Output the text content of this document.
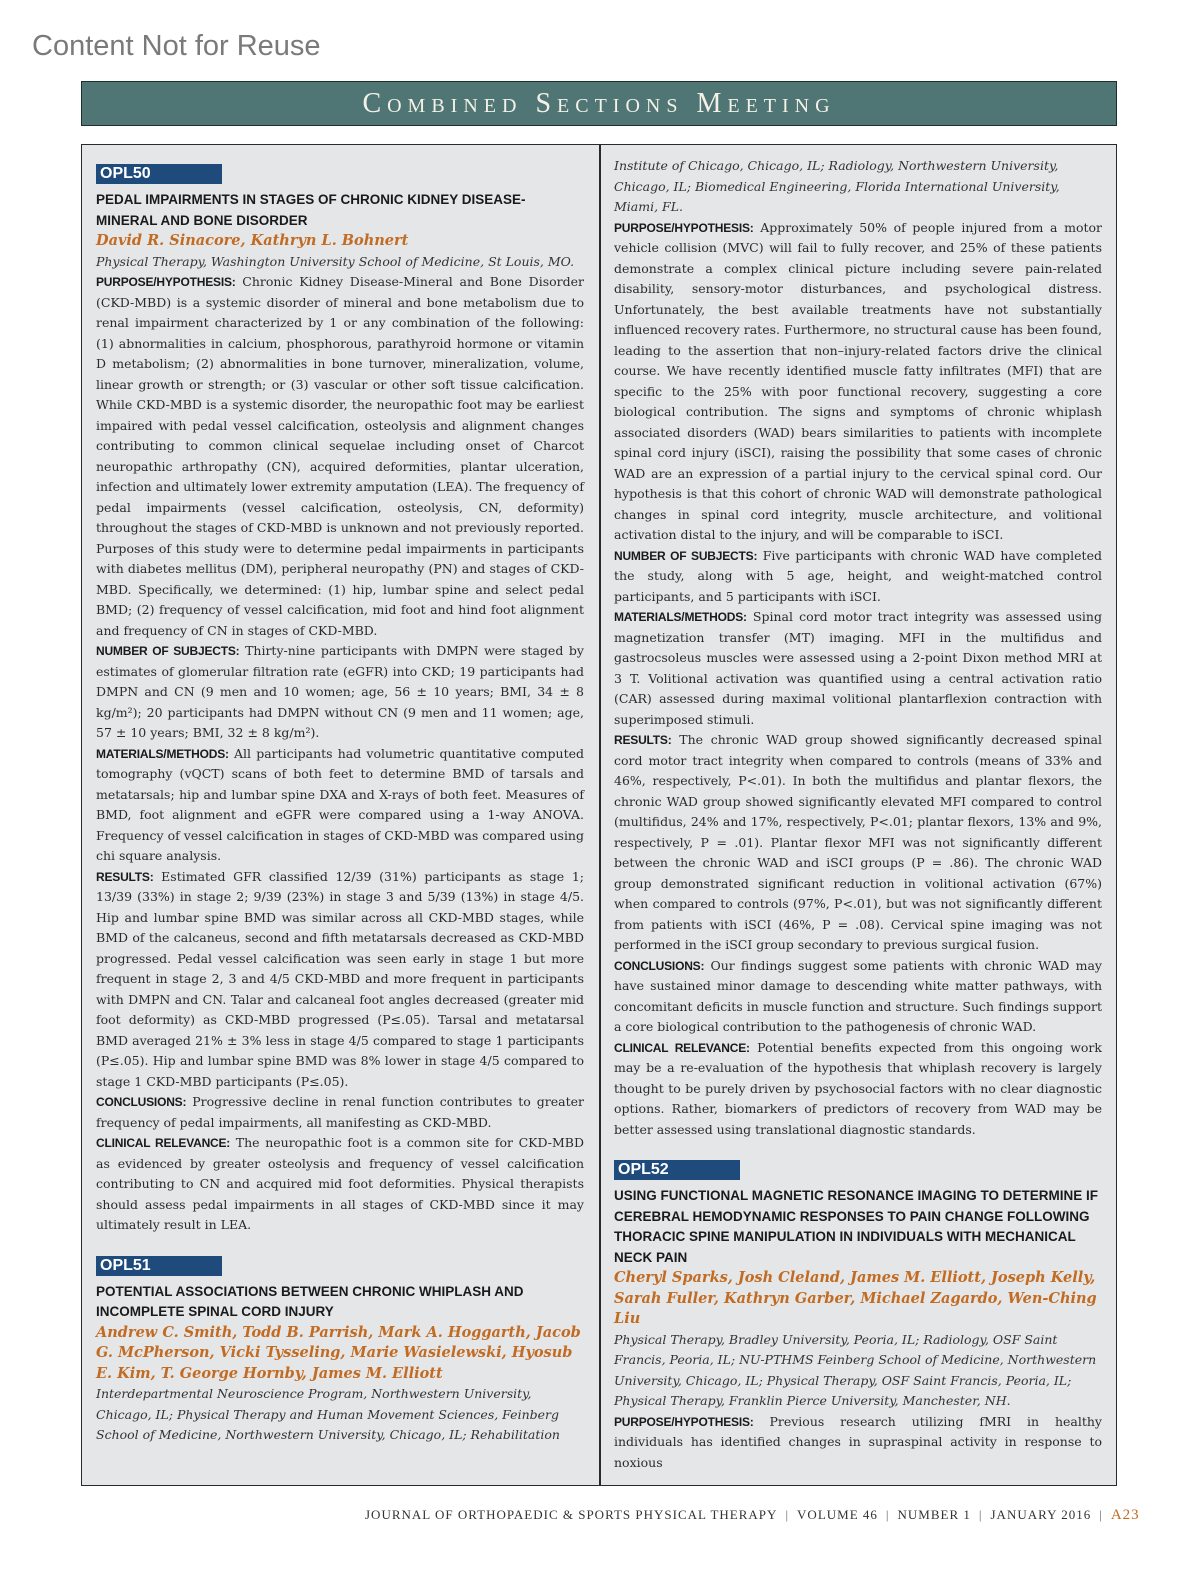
Content Not for Reuse
Combined Sections Meeting
OPL50
PEDAL IMPAIRMENTS IN STAGES OF CHRONIC KIDNEY DISEASE-MINERAL AND BONE DISORDER
David R. Sinacore, Kathryn L. Bohnert
Physical Therapy, Washington University School of Medicine, St Louis, MO.

PURPOSE/HYPOTHESIS: Chronic Kidney Disease-Mineral and Bone Disorder (CKD-MBD) is a systemic disorder of mineral and bone metabolism due to renal impairment characterized by 1 or any combination of the following: (1) abnormalities in calcium, phosphorous, parathyroid hormone or vitamin D metabolism; (2) abnormalities in bone turnover, mineralization, volume, linear growth or strength; or (3) vascular or other soft tissue calcification. While CKD-MBD is a systemic disorder, the neuropathic foot may be earliest impaired with pedal vessel calcification, osteolysis and alignment changes contributing to common clinical sequelae including onset of Charcot neuropathic arthropathy (CN), acquired deformities, plantar ulceration, infection and ultimately lower extremity amputation (LEA). The frequency of pedal impairments (vessel calcification, osteolysis, CN, deformity) throughout the stages of CKD-MBD is unknown and not previously reported. Purposes of this study were to determine pedal impairments in participants with diabetes mellitus (DM), peripheral neuropathy (PN) and stages of CKD-MBD. Specifically, we determined: (1) hip, lumbar spine and select pedal BMD; (2) frequency of vessel calcification, mid foot and hind foot alignment and frequency of CN in stages of CKD-MBD.

NUMBER OF SUBJECTS: Thirty-nine participants with DMPN were staged by estimates of glomerular filtration rate (eGFR) into CKD; 19 participants had DMPN and CN (9 men and 10 women; age, 56 ± 10 years; BMI, 34 ± 8 kg/m²); 20 participants had DMPN without CN (9 men and 11 women; age, 57 ± 10 years; BMI, 32 ± 8 kg/m²).

MATERIALS/METHODS: All participants had volumetric quantitative computed tomography (vQCT) scans of both feet to determine BMD of tarsals and metatarsals; hip and lumbar spine DXA and X-rays of both feet. Measures of BMD, foot alignment and eGFR were compared using a 1-way ANOVA. Frequency of vessel calcification in stages of CKD-MBD was compared using chi square analysis.

RESULTS: Estimated GFR classified 12/39 (31%) participants as stage 1; 13/39 (33%) in stage 2; 9/39 (23%) in stage 3 and 5/39 (13%) in stage 4/5. Hip and lumbar spine BMD was similar across all CKD-MBD stages, while BMD of the calcaneus, second and fifth metatarsals decreased as CKD-MBD progressed. Pedal vessel calcification was seen early in stage 1 but more frequent in stage 2, 3 and 4/5 CKD-MBD and more frequent in participants with DMPN and CN. Talar and calcaneal foot angles decreased (greater mid foot deformity) as CKD-MBD progressed (P≤.05). Tarsal and metatarsal BMD averaged 21% ± 3% less in stage 4/5 compared to stage 1 participants (P≤.05). Hip and lumbar spine BMD was 8% lower in stage 4/5 compared to stage 1 CKD-MBD participants (P≤.05).

CONCLUSIONS: Progressive decline in renal function contributes to greater frequency of pedal impairments, all manifesting as CKD-MBD.

CLINICAL RELEVANCE: The neuropathic foot is a common site for CKD-MBD as evidenced by greater osteolysis and frequency of vessel calcification contributing to CN and acquired mid foot deformities. Physical therapists should assess pedal impairments in all stages of CKD-MBD since it may ultimately result in LEA.

OPL51
POTENTIAL ASSOCIATIONS BETWEEN CHRONIC WHIPLASH AND INCOMPLETE SPINAL CORD INJURY
Andrew C. Smith, Todd B. Parrish, Mark A. Hoggarth, Jacob G. McPherson, Vicki Tysseling, Marie Wasielewski, Hyosub E. Kim, T. George Hornby, James M. Elliott
Interdepartmental Neuroscience Program, Northwestern University, Chicago, IL; Physical Therapy and Human Movement Sciences, Feinberg School of Medicine, Northwestern University, Chicago, IL; Rehabilitation
Institute of Chicago, Chicago, IL; Radiology, Northwestern University, Chicago, IL; Biomedical Engineering, Florida International University, Miami, FL.

PURPOSE/HYPOTHESIS: Approximately 50% of people injured from a motor vehicle collision (MVC) will fail to fully recover, and 25% of these patients demonstrate a complex clinical picture including severe pain-related disability, sensory-motor disturbances, and psychological distress. Unfortunately, the best available treatments have not substantially influenced recovery rates. Furthermore, no structural cause has been found, leading to the assertion that non–injury-related factors drive the clinical course. We have recently identified muscle fatty infiltrates (MFI) that are specific to the 25% with poor functional recovery, suggesting a core biological contribution. The signs and symptoms of chronic whiplash associated disorders (WAD) bears similarities to patients with incomplete spinal cord injury (iSCI), raising the possibility that some cases of chronic WAD are an expression of a partial injury to the cervical spinal cord. Our hypothesis is that this cohort of chronic WAD will demonstrate pathological changes in spinal cord integrity, muscle architecture, and volitional activation distal to the injury, and will be comparable to iSCI.

NUMBER OF SUBJECTS: Five participants with chronic WAD have completed the study, along with 5 age, height, and weight-matched control participants, and 5 participants with iSCI.

MATERIALS/METHODS: Spinal cord motor tract integrity was assessed using magnetization transfer (MT) imaging. MFI in the multifidus and gastrocsoleus muscles were assessed using a 2-point Dixon method MRI at 3 T. Volitional activation was quantified using a central activation ratio (CAR) assessed during maximal volitional plantarflexion contraction with superimposed stimuli.

RESULTS: The chronic WAD group showed significantly decreased spinal cord motor tract integrity when compared to controls (means of 33% and 46%, respectively, P<.01). In both the multifidus and plantar flexors, the chronic WAD group showed significantly elevated MFI compared to control (multifidus, 24% and 17%, respectively, P<.01; plantar flexors, 13% and 9%, respectively, P = .01). Plantar flexor MFI was not significantly different between the chronic WAD and iSCI groups (P = .86). The chronic WAD group demonstrated significant reduction in volitional activation (67%) when compared to controls (97%, P<.01), but was not significantly different from patients with iSCI (46%, P = .08). Cervical spine imaging was not performed in the iSCI group secondary to previous surgical fusion.

CONCLUSIONS: Our findings suggest some patients with chronic WAD may have sustained minor damage to descending white matter pathways, with concomitant deficits in muscle function and structure. Such findings support a core biological contribution to the pathogenesis of chronic WAD.

CLINICAL RELEVANCE: Potential benefits expected from this ongoing work may be a re-evaluation of the hypothesis that whiplash recovery is largely thought to be purely driven by psychosocial factors with no clear diagnostic options. Rather, biomarkers of predictors of recovery from WAD may be better assessed using translational diagnostic standards.

OPL52
USING FUNCTIONAL MAGNETIC RESONANCE IMAGING TO DETERMINE IF CEREBRAL HEMODYNAMIC RESPONSES TO PAIN CHANGE FOLLOWING THORACIC SPINE MANIPULATION IN INDIVIDUALS WITH MECHANICAL NECK PAIN
Cheryl Sparks, Josh Cleland, James M. Elliott, Joseph Kelly, Sarah Fuller, Kathryn Garber, Michael Zagardo, Wen-Ching Liu
Physical Therapy, Bradley University, Peoria, IL; Radiology, OSF Saint Francis, Peoria, IL; NU-PTHMS Feinberg School of Medicine, Northwestern University, Chicago, IL; Physical Therapy, OSF Saint Francis, Peoria, IL; Physical Therapy, Franklin Pierce University, Manchester, NH.

PURPOSE/HYPOTHESIS: Previous research utilizing fMRI in healthy individuals has identified changes in supraspinal activity in response to noxious

JOURNAL OF ORTHOPAEDIC & SPORTS PHYSICAL THERAPY | VOLUME 46 | NUMBER 1 | JANUARY 2016 | A23
